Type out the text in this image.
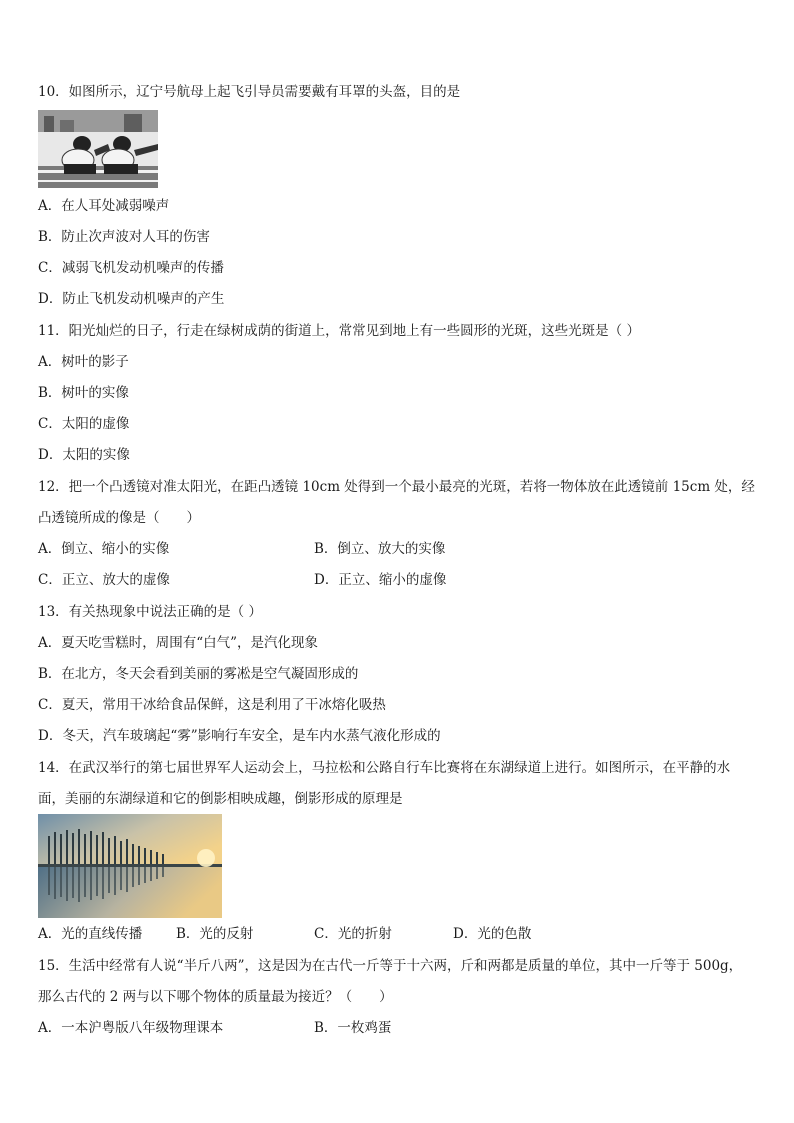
10．如图所示，辽宁号航母上起飞引导员需要戴有耳罩的头盔，目的是
A．在人耳处减弱噪声
B．防止次声波对人耳的伤害
C．减弱飞机发动机噪声的传播
D．防止飞机发动机噪声的产生
11．阳光灿烂的日子，行走在绿树成荫的街道上，常常见到地上有一些圆形的光斑，这些光斑是（ ）
A．树叶的影子
B．树叶的实像
C．太阳的虚像
D．太阳的实像
12．把一个凸透镜对准太阳光，在距凸透镜 10cm 处得到一个最小最亮的光斑，若将一物体放在此透镜前 15cm 处，经
凸透镜所成的像是（　　）
A．倒立、缩小的实像	B．倒立、放大的实像
C．正立、放大的虚像	D．正立、缩小的虚像
13．有关热现象中说法正确的是（ ）
A．夏天吃雪糕时，周围有“白气”，是汽化现象
B．在北方，冬天会看到美丽的雾凇是空气凝固形成的
C．夏天，常用干冰给食品保鲜，这是利用了干冰熔化吸热
D．冬天，汽车玻璃起“雾”影响行车安全，是车内水蒸气液化形成的
14．在武汉举行的第七届世界军人运动会上，马拉松和公路自行车比赛将在东湖绿道上进行。如图所示，在平静的水
面，美丽的东湖绿道和它的倒影相映成趣，倒影形成的原理是
A．光的直线传播	B．光的反射	C．光的折射	D．光的色散
15．生活中经常有人说“半斤八两”，这是因为在古代一斤等于十六两，斤和两都是质量的单位，其中一斤等于 500g，
那么古代的 2 两与以下哪个物体的质量最为接近？（　　）
A．一本沪粤版八年级物理课本	B．一枚鸡蛋
